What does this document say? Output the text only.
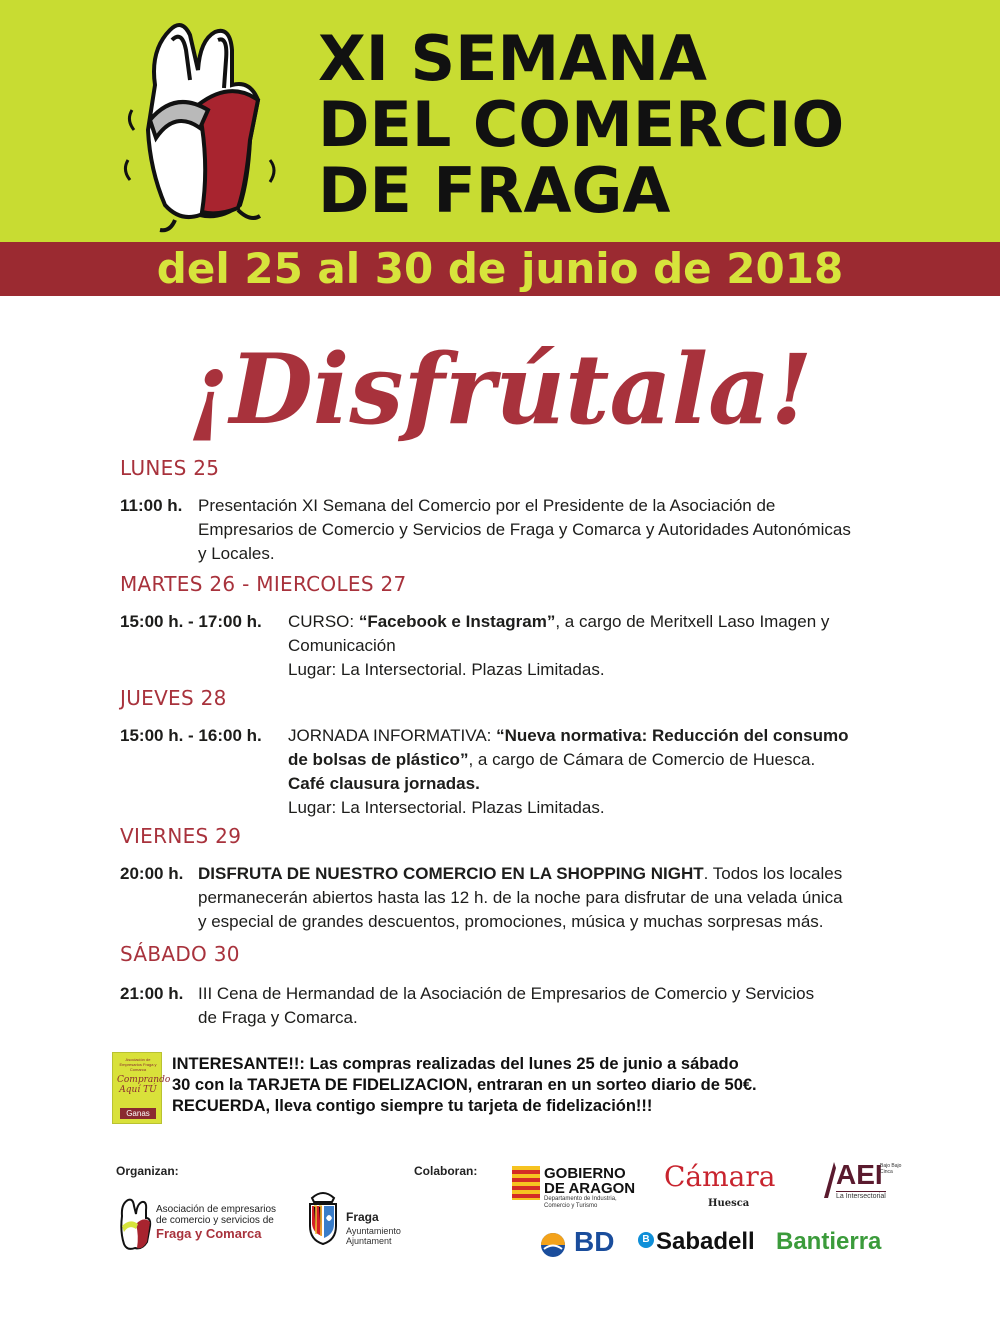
XI SEMANA
DEL COMERCIO
DE FRAGA
del 25 al 30 de junio de 2018
¡Disfrútala!
LUNES 25
11:00 h. Presentación XI Semana del Comercio por el Presidente de la Asociación de
Empresarios de Comercio y Servicios de Fraga y Comarca y Autoridades Autonómicas
y Locales.
MARTES 26 - MIERCOLES 27
15:00 h. - 17:00 h. CURSO: “Facebook e Instagram”, a cargo de Meritxell Laso Imagen y
Comunicación
Lugar: La Intersectorial. Plazas Limitadas.
JUEVES 28
15:00 h. - 16:00 h. JORNADA INFORMATIVA: “Nueva normativa: Reducción del consumo
de bolsas de plástico”, a cargo de Cámara de Comercio de Huesca.
Café clausura jornadas.
Lugar: La Intersectorial. Plazas Limitadas.
VIERNES 29
20:00 h. DISFRUTA DE NUESTRO COMERCIO EN LA SHOPPING NIGHT. Todos los locales
permanecerán abiertos hasta las 12 h. de la noche para disfrutar de una velada única
y especial de grandes descuentos, promociones, música y muchas sorpresas más.
SÁBADO 30
21:00 h. III Cena de Hermandad de la Asociación de Empresarios de Comercio y Servicios
de Fraga y Comarca.
Asociación de Empresarios Fraga y Comarca
Comprando Aquí TÚ
Ganas
INTERESANTE!!: Las compras realizadas del lunes 25 de junio a sábado
30 con la TARJETA DE FIDELIZACION, entraran en un sorteo diario de 50€.
RECUERDA, lleva contigo siempre tu tarjeta de fidelización!!!
Organizan:	Colaboran:
Asociación de empresarios
de comercio y servicios de
Fraga y Comarca
Fraga
Ayuntamiento
Ajuntament
GOBIERNO
DE ARAGON
Departamento de Industria,
Comercio y Turismo
Cámara
Huesca
AEI
Bajo Bajo
Cinca
La Intersectorial
BD	B Sabadell Bantierra
